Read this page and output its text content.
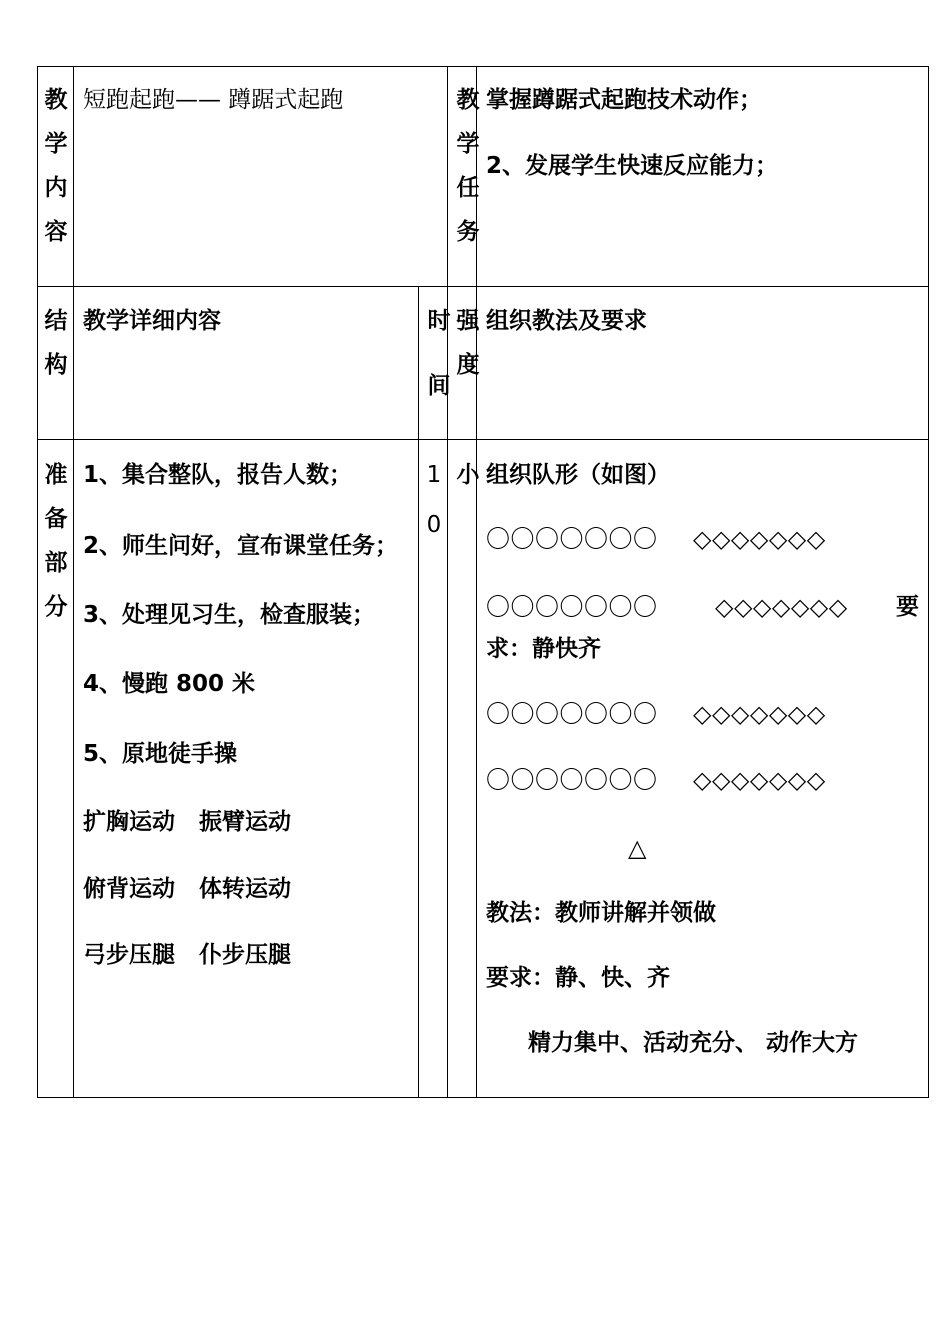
教
学
内
容
短跑起跑—— 蹲踞式起跑	教
学
任
务
掌握蹲踞式起跑技术动作；
2、发展学生快速反应能力；
结
构
教学详细内容	时
间
强
度
组织教法及要求
准
备
部
分
1、集合整队，报告人数；
2、师生问好，宣布课堂任务；
3、处理见习生，检查服装；
4、慢跑 800 米
5、原地徒手操
扩胸运动   振臂运动
俯背运动   体转运动
弓步压腿   仆步压腿
1
0
小 组织队形（如图）
〇〇〇〇〇〇〇 ◇◇◇◇◇◇◇
〇〇〇〇〇〇〇 ◇◇◇◇◇◇◇ 要
求：静快齐
〇〇〇〇〇〇〇 ◇◇◇◇◇◇◇
〇〇〇〇〇〇〇 ◇◇◇◇◇◇◇
△
教法：教师讲解并领做
要求：静、快、齐
精力集中、活动充分、 动作大方
